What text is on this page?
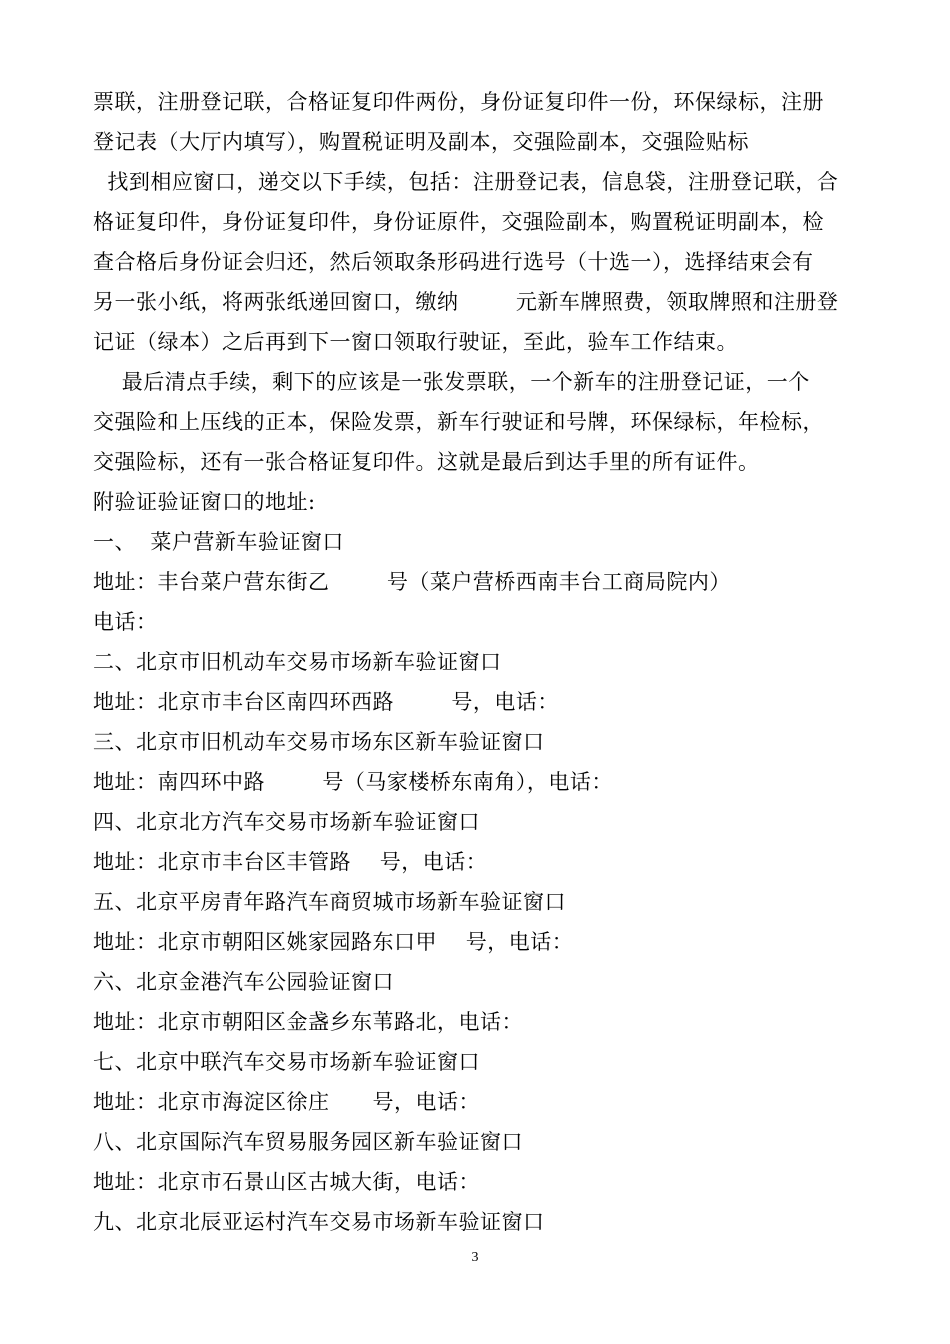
票联，注册登记联，合格证复印件两份，身份证复印件一份，环保绿标，注册
登记表（大厅内填写），购置税证明及副本，交强险副本，交强险贴标
找到相应窗口，递交以下手续，包括：注册登记表，信息袋，注册登记联，合
格证复印件，身份证复印件，身份证原件，交强险副本，购置税证明副本，检
查合格后身份证会归还，然后领取条形码进行选号（十选一），选择结束会有
另一张小纸，将两张纸递回窗口，缴纳        元新车牌照费，领取牌照和注册登
记证（绿本）之后再到下一窗口领取行驶证，至此，验车工作结束。
最后清点手续，剩下的应该是一张发票联，一个新车的注册登记证，一个
交强险和上压线的正本，保险发票，新车行驶证和号牌，环保绿标，年检标，
交强险标，还有一张合格证复印件。这就是最后到达手里的所有证件。
附验证验证窗口的地址:
一、  菜户营新车验证窗口
地址：丰台菜户营东街乙        号（菜户营桥西南丰台工商局院内）
电话：
二、北京市旧机动车交易市场新车验证窗口
地址：北京市丰台区南四环西路        号，电话：
三、北京市旧机动车交易市场东区新车验证窗口
地址：南四环中路        号（马家楼桥东南角），电话：
四、北京北方汽车交易市场新车验证窗口
地址：北京市丰台区丰管路    号，电话：
五、北京平房青年路汽车商贸城市场新车验证窗口
地址：北京市朝阳区姚家园路东口甲    号，电话：
六、北京金港汽车公园验证窗口
地址：北京市朝阳区金盏乡东苇路北，电话：
七、北京中联汽车交易市场新车验证窗口
地址：北京市海淀区徐庄      号，电话：
八、北京国际汽车贸易服务园区新车验证窗口
地址：北京市石景山区古城大街，电话：
九、北京北辰亚运村汽车交易市场新车验证窗口
3
